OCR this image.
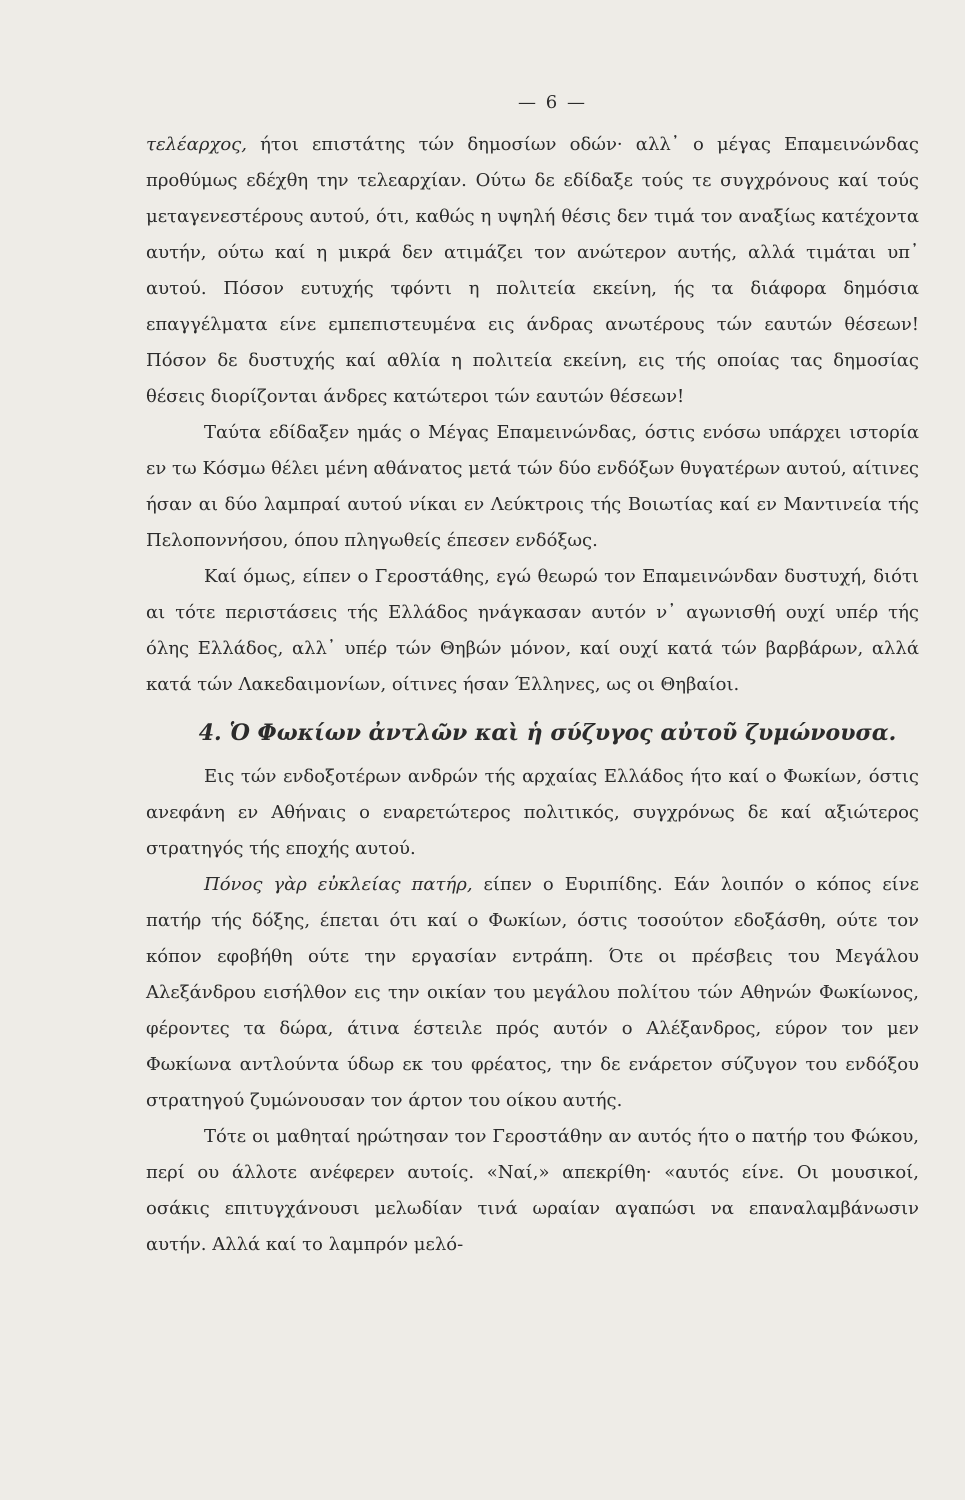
— 6 —

τελέαρχος, ήτοι επιστάτης τών δημοσίων οδών· αλλ᾽ ο μέγας Επαμεινώνδας προθύμως εδέχθη την τελεαρχίαν. Ούτω δε εδίδαξε τούς τε συγχρόνους καί τούς μεταγενεστέρους αυτού, ότι, καθώς η υψηλή θέσις δεν τιμά τον αναξίως κατέχοντα αυτήν, ούτω καί η μικρά δεν ατιμάζει τον ανώτερον αυτής, αλλά τιμάται υπ᾽ αυτού. Πόσον ευτυχής τφόντι η πολιτεία εκείνη, ής τα διάφορα δημόσια επαγγέλματα είνε εμπεπιστευμένα εις άνδρας ανωτέρους τών εαυτών θέσεων! Πόσον δε δυστυχής καί αθλία η πολιτεία εκείνη, εις τής οποίας τας δημοσίας θέσεις διορίζονται άνδρες κατώτεροι τών εαυτών θέσεων!

Ταύτα εδίδαξεν ημάς ο Μέγας Επαμεινώνδας, όστις ενόσω υπάρχει ιστορία εν τω Κόσμω θέλει μένη αθάνατος μετά τών δύο ενδόξων θυγατέρων αυτού, αίτινες ήσαν αι δύο λαμπραί αυτού νίκαι εν Λεύκτροις τής Βοιωτίας καί εν Μαντινεία τής Πελοποννήσου, όπου πληγωθείς έπεσεν ενδόξως.

Καί όμως, είπεν ο Γεροστάθης, εγώ θεωρώ τον Επαμεινώνδαν δυστυχή, διότι αι τότε περιστάσεις τής Ελλάδος ηνάγκασαν αυτόν ν᾽ αγωνισθή ουχί υπέρ τής όλης Ελλάδος, αλλ᾽ υπέρ τών Θηβών μόνον, καί ουχί κατά τών βαρβάρων, αλλά κατά τών Λακεδαιμονίων, οίτινες ήσαν Έλληνες, ως οι Θηβαίοι.

4. Ὁ Φωκίων ἀντλῶν καὶ ἡ σύζυγος αὐτοῦ ζυμώνουσα.

Εις τών ενδοξοτέρων ανδρών τής αρχαίας Ελλάδος ήτο καί ο Φωκίων, όστις ανεφάνη εν Αθήναις ο εναρετώτερος πολιτικός, συγχρόνως δε καί αξιώτερος στρατηγός τής εποχής αυτού.

Πόνος γὰρ εὐκλείας πατήρ, είπεν ο Ευριπίδης. Εάν λοιπόν ο κόπος είνε πατήρ τής δόξης, έπεται ότι καί ο Φωκίων, όστις τοσούτον εδοξάσθη, ούτε τον κόπον εφοβήθη ούτε την εργασίαν εντράπη. Ότε οι πρέσβεις του Μεγάλου Αλεξάνδρου εισήλθον εις την οικίαν του μεγάλου πολίτου τών Αθηνών Φωκίωνος, φέροντες τα δώρα, άτινα έστειλε πρός αυτόν ο Αλέξανδρος, εύρον τον μεν Φωκίωνα αντλούντα ύδωρ εκ του φρέατος, την δε ενάρετον σύζυγον του ενδόξου στρατηγού ζυμώνουσαν τον άρτον του οίκου αυτής.

Τότε οι μαθηταί ηρώτησαν τον Γεροστάθην αν αυτός ήτο ο πατήρ του Φώκου, περί ου άλλοτε ανέφερεν αυτοίς. «Ναί,» απεκρίθη· «αυτός είνε. Οι μουσικοί, οσάκις επιτυγχάνουσι μελωδίαν τινά ωραίαν αγαπώσι να επαναλαμβάνωσιν αυτήν. Αλλά καί το λαμπρόν μελό-
